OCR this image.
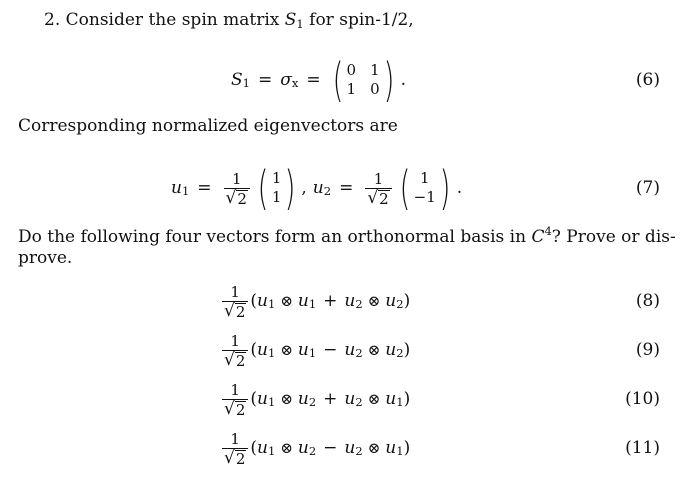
2. Consider the spin matrix S1 for spin-1/2,
S 1 = σ x = ( 0 1
1 0 ) .	(6)
Corresponding normalized eigenvectors are
u $1 = \frac{1}{√ 2}$ ( 1
1 ) , u $2 = \frac{1}{√ 2}$ ( 1
−1 ) .	(7)
Do the following four vectors form an orthonormal basis in $C^4$? Prove or dis-
prove.
$\frac{1}{√ 2}$ ( u 1 ⊗ u 1 + u 2 ⊗ u 2 )	(8)
$\frac{1}{√ 2}$ ( u 1 ⊗ u 1 − u 2 ⊗ u 2 )	(9)
$\frac{1}{√ 2}$ ( u 1 ⊗ u 2 + u 2 ⊗ u 1 )	(10)
$\frac{1}{√ 2}$ ( u 1 ⊗ u 2 − u 2 ⊗ u 1 )	(11)
